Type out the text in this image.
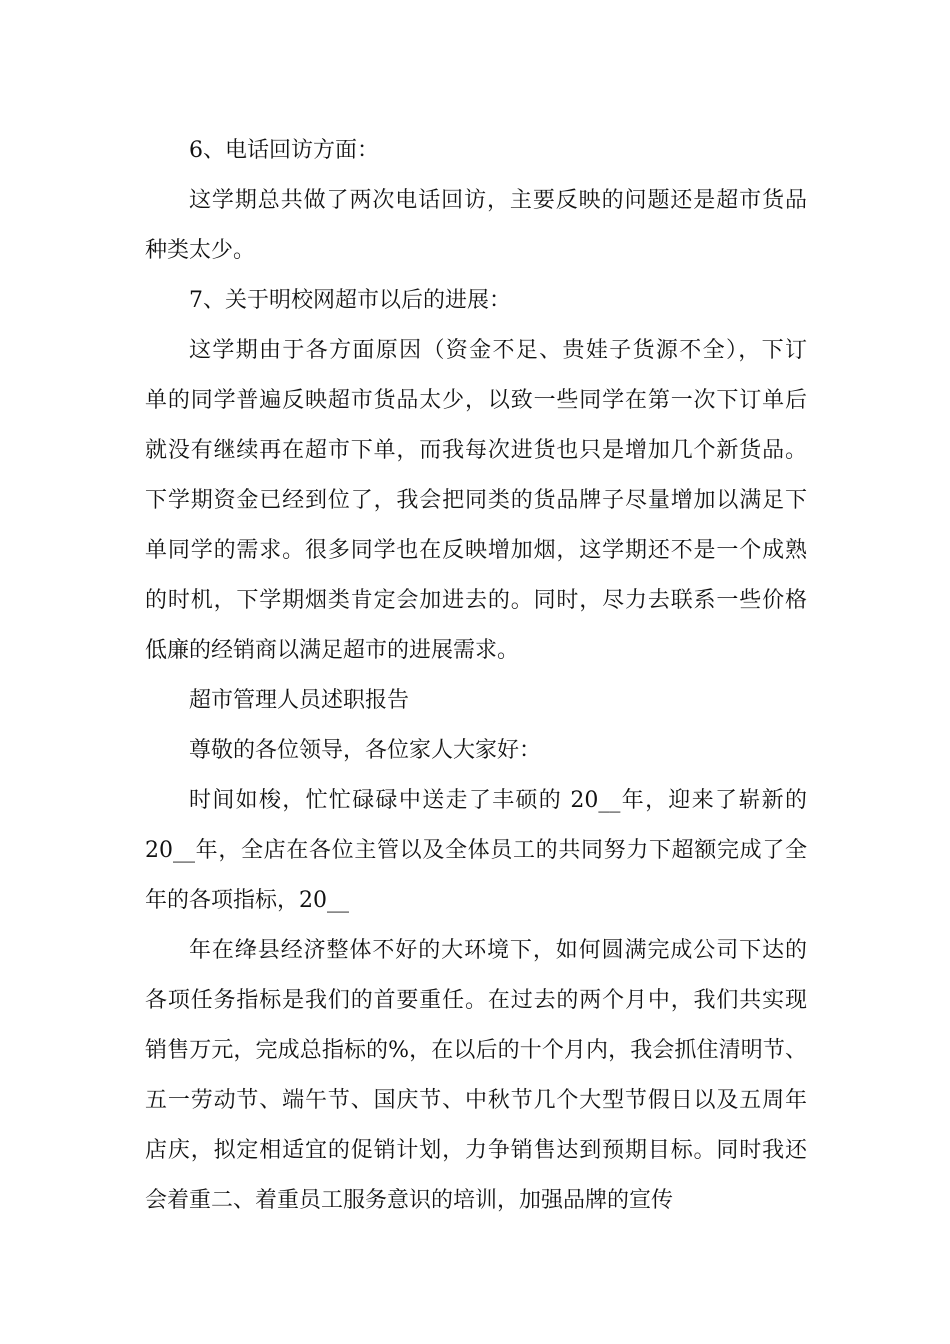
6、电话回访方面：
这学期总共做了两次电话回访，主要反映的问题还是超市货品
种类太少。
7、关于明校网超市以后的进展：
这学期由于各方面原因（资金不足、贵娃子货源不全），下订
单的同学普遍反映超市货品太少，以致一些同学在第一次下订单后
就没有继续再在超市下单，而我每次进货也只是增加几个新货品。
下学期资金已经到位了，我会把同类的货品牌子尽量增加以满足下
单同学的需求。很多同学也在反映增加烟，这学期还不是一个成熟
的时机，下学期烟类肯定会加进去的。同时，尽力去联系一些价格
低廉的经销商以满足超市的进展需求。
超市管理人员述职报告
尊敬的各位领导，各位家人大家好：
时间如梭，忙忙碌碌中送走了丰硕的 20__年，迎来了崭新的
20__年，全店在各位主管以及全体员工的共同努力下超额完成了全
年的各项指标，20__
年在绛县经济整体不好的大环境下，如何圆满完成公司下达的
各项任务指标是我们的首要重任。在过去的两个月中，我们共实现
销售万元，完成总指标的%，在以后的十个月内，我会抓住清明节、
五一劳动节、端午节、国庆节、中秋节几个大型节假日以及五周年
店庆，拟定相适宜的促销计划，力争销售达到预期目标。同时我还
会着重二、着重员工服务意识的培训，加强品牌的宣传
